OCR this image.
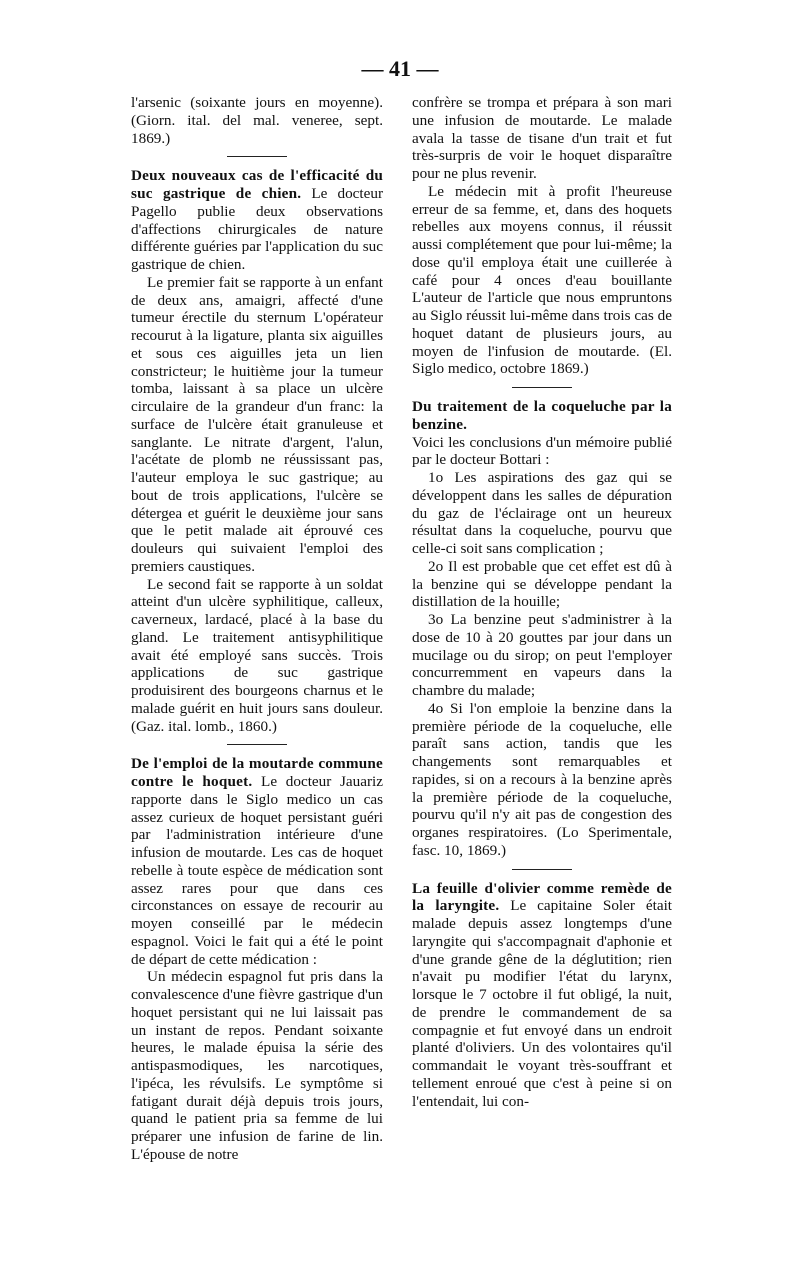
— 41 —

l'arsenic (soixante jours en moyenne). (Giorn. ital. del mal. veneree, sept. 1869.)

Deux nouveaux cas de l'efficacité du suc gastrique de chien. Le docteur Pagello publie deux observations d'affections chirurgicales de nature différente guéries par l'application du suc gastrique de chien.

Le premier fait se rapporte à un enfant de deux ans, amaigri, affecté d'une tumeur érectile du sternum L'opérateur recourut à la ligature, planta six aiguilles et sous ces aiguilles jeta un lien constricteur; le huitième jour la tumeur tomba, laissant à sa place un ulcère circulaire de la grandeur d'un franc: la surface de l'ulcère était granuleuse et sanglante. Le nitrate d'argent, l'alun, l'acétate de plomb ne réussissant pas, l'auteur employa le suc gastrique; au bout de trois applications, l'ulcère se détergea et guérit le deuxième jour sans que le petit malade ait éprouvé ces douleurs qui suivaient l'emploi des premiers caustiques.

Le second fait se rapporte à un soldat atteint d'un ulcère syphilitique, calleux, caverneux, lardacé, placé à la base du gland. Le traitement antisyphilitique avait été employé sans succès. Trois applications de suc gastrique produisirent des bourgeons charnus et le malade guérit en huit jours sans douleur. (Gaz. ital. lomb., 1860.)

De l'emploi de la moutarde commune contre le hoquet. Le docteur Jauariz rapporte dans le Siglo medico un cas assez curieux de hoquet persistant guéri par l'administration intérieure d'une infusion de moutarde. Les cas de hoquet rebelle à toute espèce de médication sont assez rares pour que dans ces circonstances on essaye de recourir au moyen conseillé par le médecin espagnol. Voici le fait qui a été le point de départ de cette médication :

Un médecin espagnol fut pris dans la convalescence d'une fièvre gastrique d'un hoquet persistant qui ne lui laissait pas un instant de repos. Pendant soixante heures, le malade épuisa la série des antispasmodiques, les narcotiques, l'ipéca, les révulsifs. Le symptôme si fatigant durait déjà depuis trois jours, quand le patient pria sa femme de lui préparer une infusion de farine de lin. L'épouse de notre

confrère se trompa et prépara à son mari une infusion de moutarde. Le malade avala la tasse de tisane d'un trait et fut très-surpris de voir le hoquet disparaître pour ne plus revenir.

Le médecin mit à profit l'heureuse erreur de sa femme, et, dans des hoquets rebelles aux moyens connus, il réussit aussi complétement que pour lui-même; la dose qu'il employa était une cuillerée à café pour 4 onces d'eau bouillante L'auteur de l'article que nous empruntons au Siglo réussit lui-même dans trois cas de hoquet datant de plusieurs jours, au moyen de l'infusion de moutarde. (El. Siglo medico, octobre 1869.)

Du traitement de la coqueluche par la benzine.

Voici les conclusions d'un mémoire publié par le docteur Bottari :

1o Les aspirations des gaz qui se développent dans les salles de dépuration du gaz de l'éclairage ont un heureux résultat dans la coqueluche, pourvu que celle-ci soit sans complication ;

2o Il est probable que cet effet est dû à la benzine qui se développe pendant la distillation de la houille;

3o La benzine peut s'administrer à la dose de 10 à 20 gouttes par jour dans un mucilage ou du sirop; on peut l'employer concurremment en vapeurs dans la chambre du malade;

4o Si l'on emploie la benzine dans la première période de la coqueluche, elle paraît sans action, tandis que les changements sont remarquables et rapides, si on a recours à la benzine après la première période de la coqueluche, pourvu qu'il n'y ait pas de congestion des organes respiratoires. (Lo Sperimentale, fasc. 10, 1869.)

La feuille d'olivier comme remède de la laryngite. Le capitaine Soler était malade depuis assez longtemps d'une laryngite qui s'accompagnait d'aphonie et d'une grande gêne de la déglutition; rien n'avait pu modifier l'état du larynx, lorsque le 7 octobre il fut obligé, la nuit, de prendre le commandement de sa compagnie et fut envoyé dans un endroit planté d'oliviers. Un des volontaires qu'il commandait le voyant très-souffrant et tellement enroué que c'est à peine si on l'entendait, lui con-
